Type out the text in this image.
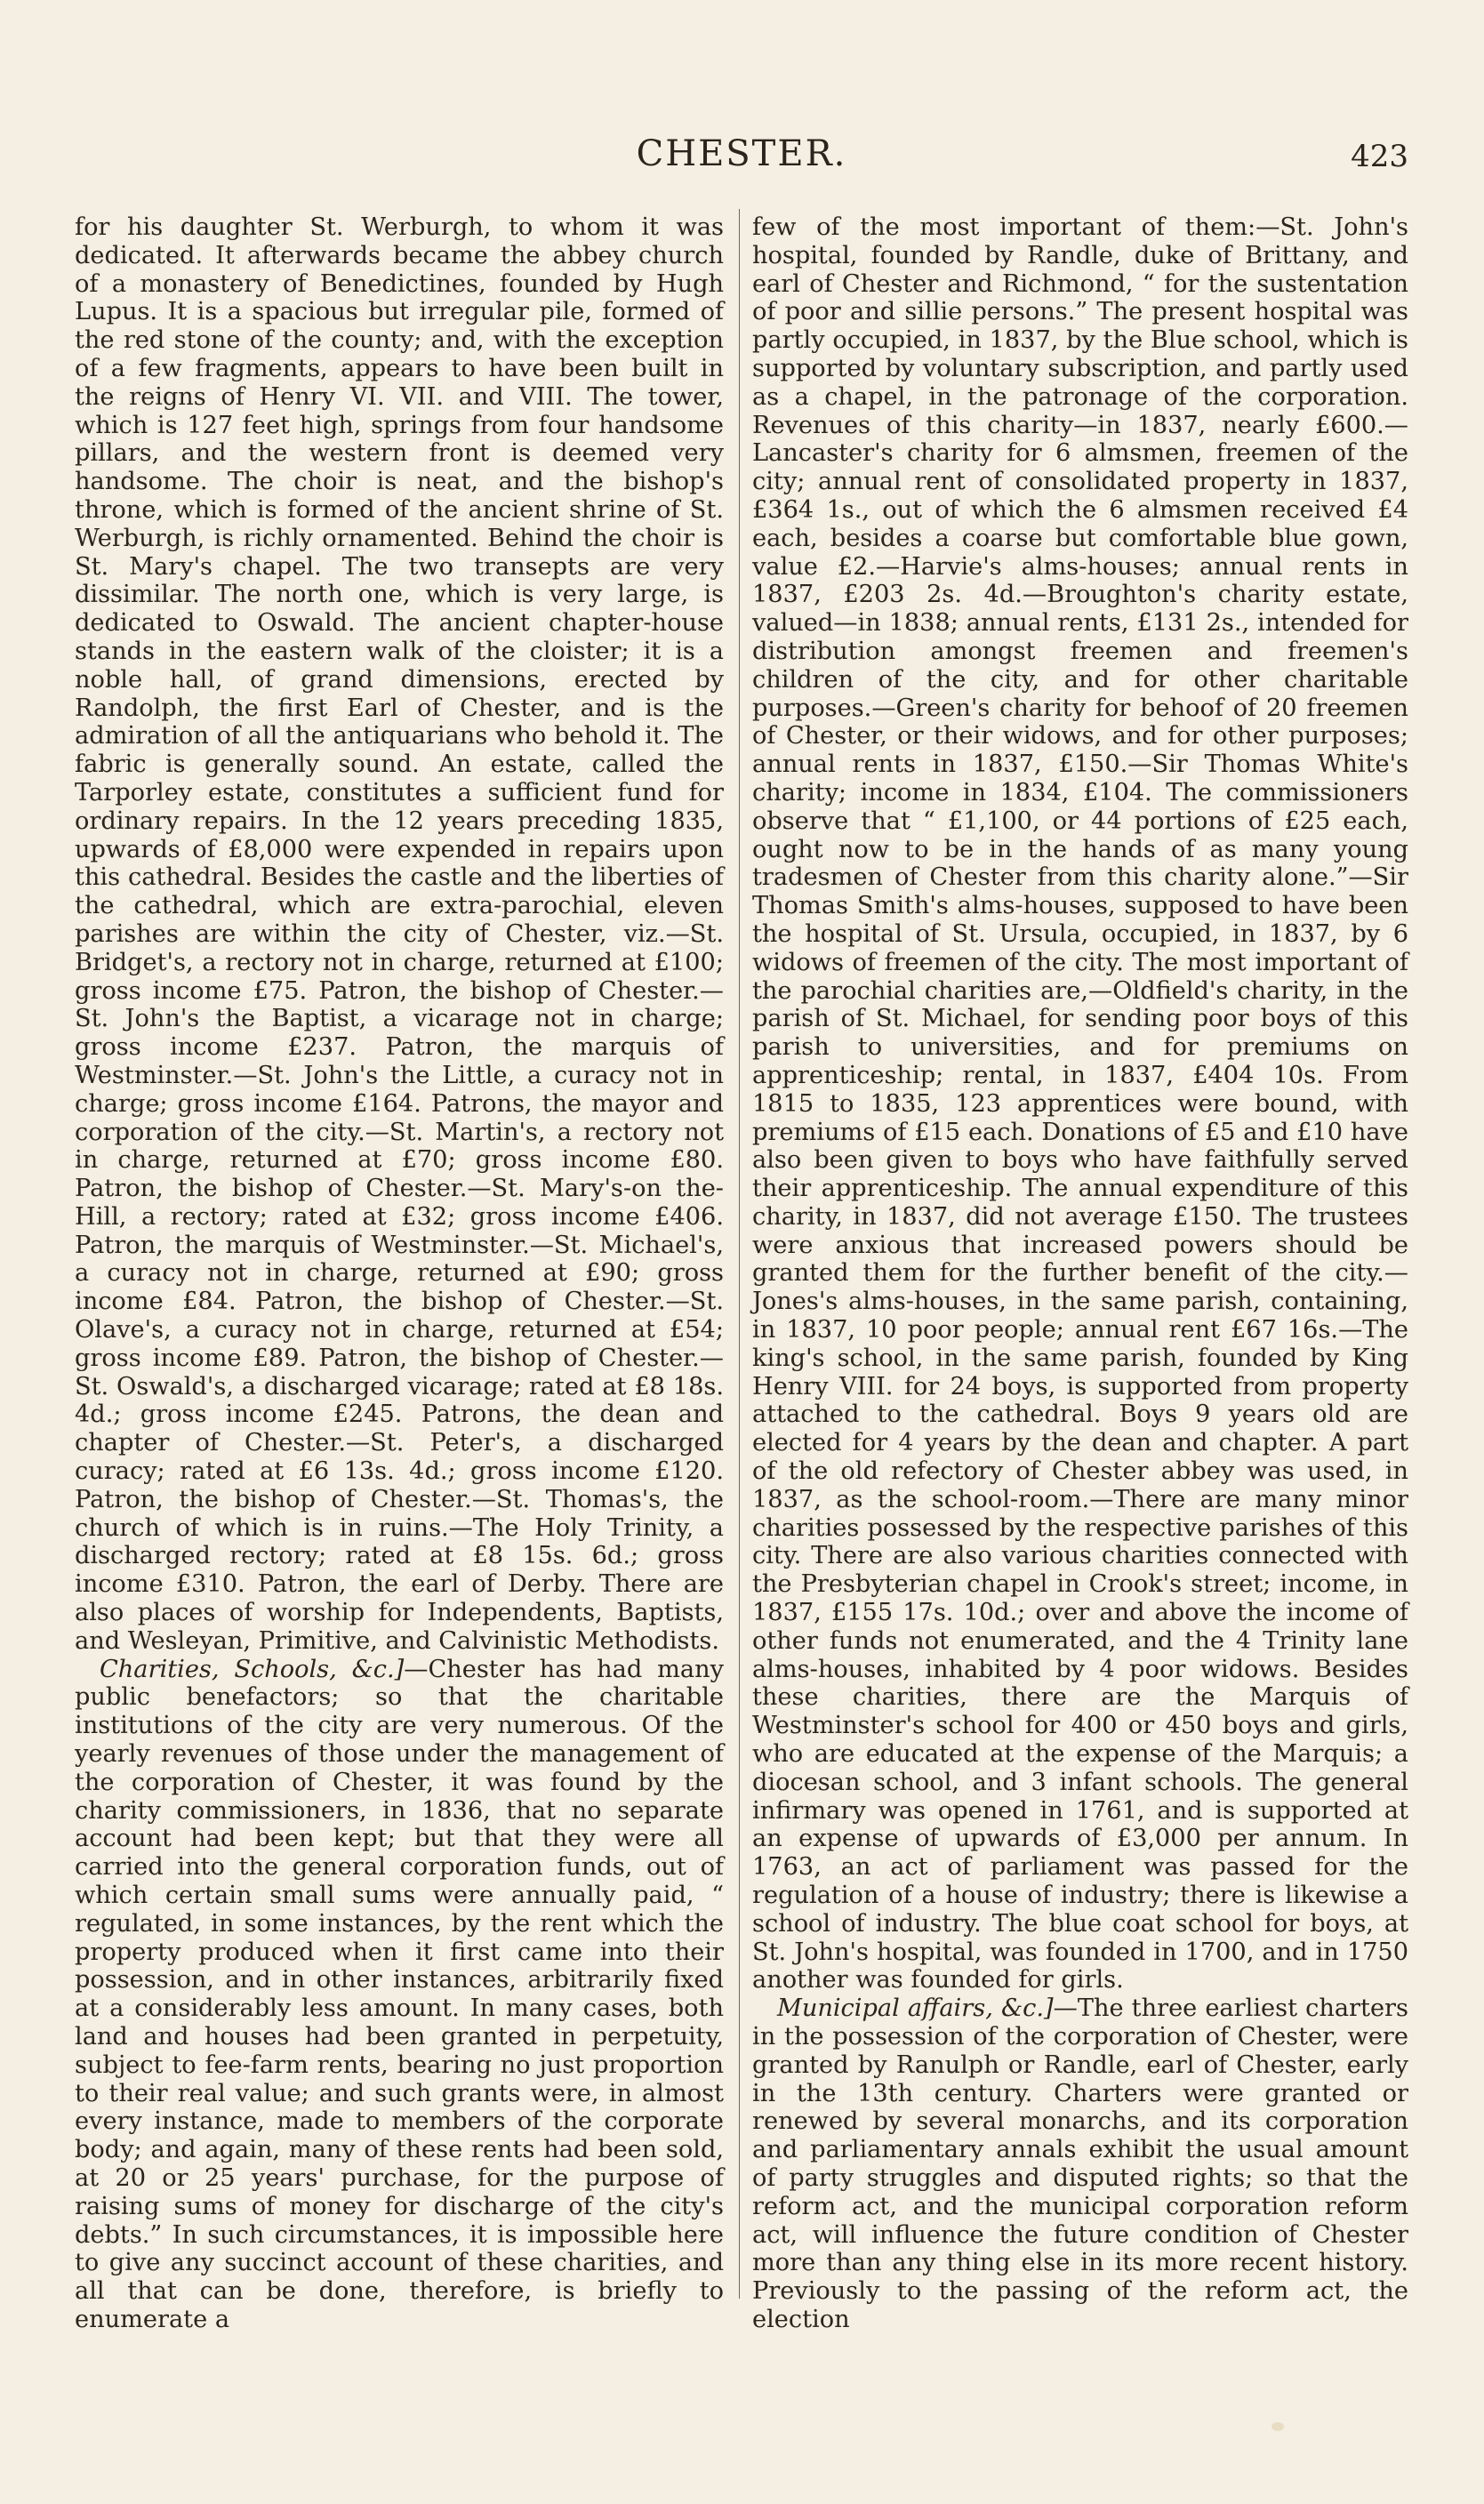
CHESTER.	423

for his daughter St. Werburgh, to whom it was dedicated. It afterwards became the abbey church of a monastery of Benedictines, founded by Hugh Lupus. It is a spacious but irregular pile, formed of the red stone of the county; and, with the exception of a few fragments, appears to have been built in the reigns of Henry VI. VII. and VIII. The tower, which is 127 feet high, springs from four handsome pillars, and the western front is deemed very handsome. The choir is neat, and the bishop's throne, which is formed of the ancient shrine of St. Werburgh, is richly ornamented. Behind the choir is St. Mary's chapel. The two transepts are very dissimilar. The north one, which is very large, is dedicated to Oswald. The ancient chapter-house stands in the eastern walk of the cloister; it is a noble hall, of grand dimensions, erected by Randolph, the first Earl of Chester, and is the admiration of all the antiquarians who behold it. The fabric is generally sound. An estate, called the Tarporley estate, constitutes a sufficient fund for ordinary repairs. In the 12 years preceding 1835, upwards of £8,000 were expended in repairs upon this cathedral. Besides the castle and the liberties of the cathedral, which are extra-parochial, eleven parishes are within the city of Chester, viz.—St. Bridget's, a rectory not in charge, returned at £100; gross income £75. Patron, the bishop of Chester.—St. John's the Baptist, a vicarage not in charge; gross income £237. Patron, the marquis of Westminster.—St. John's the Little, a curacy not in charge; gross income £164. Patrons, the mayor and corporation of the city.—St. Martin's, a rectory not in charge, returned at £70; gross income £80. Patron, the bishop of Chester.—St. Mary's-on the-Hill, a rectory; rated at £32; gross income £406. Patron, the marquis of Westminster.—St. Michael's, a curacy not in charge, returned at £90; gross income £84. Patron, the bishop of Chester.—St. Olave's, a curacy not in charge, returned at £54; gross income £89. Patron, the bishop of Chester.—St. Oswald's, a discharged vicarage; rated at £8 18s. 4d.; gross income £245. Patrons, the dean and chapter of Chester.—St. Peter's, a discharged curacy; rated at £6 13s. 4d.; gross income £120. Patron, the bishop of Chester.—St. Thomas's, the church of which is in ruins.—The Holy Trinity, a discharged rectory; rated at £8 15s. 6d.; gross income £310. Patron, the earl of Derby. There are also places of worship for Independents, Baptists, and Wesleyan, Primitive, and Calvinistic Methodists.

Charities, Schools, &c.]—Chester has had many public benefactors; so that the charitable institutions of the city are very numerous. Of the yearly revenues of those under the management of the corporation of Chester, it was found by the charity commissioners, in 1836, that no separate account had been kept; but that they were all carried into the general corporation funds, out of which certain small sums were annually paid, “ regulated, in some instances, by the rent which the property produced when it first came into their possession, and in other instances, arbitrarily fixed at a considerably less amount. In many cases, both land and houses had been granted in perpetuity, subject to fee-farm rents, bearing no just proportion to their real value; and such grants were, in almost every instance, made to members of the corporate body; and again, many of these rents had been sold, at 20 or 25 years' purchase, for the purpose of raising sums of money for discharge of the city's debts.” In such circumstances, it is impossible here to give any succinct account of these charities, and all that can be done, therefore, is briefly to enumerate a

few of the most important of them:—St. John's hospital, founded by Randle, duke of Brittany, and earl of Chester and Richmond, “ for the sustentation of poor and sillie persons.” The present hospital was partly occupied, in 1837, by the Blue school, which is supported by voluntary subscription, and partly used as a chapel, in the patronage of the corporation. Revenues of this charity—in 1837, nearly £600.—Lancaster's charity for 6 almsmen, freemen of the city; annual rent of consolidated property in 1837, £364 1s., out of which the 6 almsmen received £4 each, besides a coarse but comfortable blue gown, value £2.—Harvie's alms-houses; annual rents in 1837, £203 2s. 4d.—Broughton's charity estate, valued—in 1838; annual rents, £131 2s., intended for distribution amongst freemen and freemen's children of the city, and for other charitable purposes.—Green's charity for behoof of 20 freemen of Chester, or their widows, and for other purposes; annual rents in 1837, £150.—Sir Thomas White's charity; income in 1834, £104. The commissioners observe that “ £1,100, or 44 portions of £25 each, ought now to be in the hands of as many young tradesmen of Chester from this charity alone.”—Sir Thomas Smith's alms-houses, supposed to have been the hospital of St. Ursula, occupied, in 1837, by 6 widows of freemen of the city. The most important of the parochial charities are,—Oldfield's charity, in the parish of St. Michael, for sending poor boys of this parish to universities, and for premiums on apprenticeship; rental, in 1837, £404 10s. From 1815 to 1835, 123 apprentices were bound, with premiums of £15 each. Donations of £5 and £10 have also been given to boys who have faithfully served their apprenticeship. The annual expenditure of this charity, in 1837, did not average £150. The trustees were anxious that increased powers should be granted them for the further benefit of the city.—Jones's alms-houses, in the same parish, containing, in 1837, 10 poor people; annual rent £67 16s.—The king's school, in the same parish, founded by King Henry VIII. for 24 boys, is supported from property attached to the cathedral. Boys 9 years old are elected for 4 years by the dean and chapter. A part of the old refectory of Chester abbey was used, in 1837, as the school-room.—There are many minor charities possessed by the respective parishes of this city. There are also various charities connected with the Presbyterian chapel in Crook's street; income, in 1837, £155 17s. 10d.; over and above the income of other funds not enumerated, and the 4 Trinity lane alms-houses, inhabited by 4 poor widows. Besides these charities, there are the Marquis of Westminster's school for 400 or 450 boys and girls, who are educated at the expense of the Marquis; a diocesan school, and 3 infant schools. The general infirmary was opened in 1761, and is supported at an expense of upwards of £3,000 per annum. In 1763, an act of parliament was passed for the regulation of a house of industry; there is likewise a school of industry. The blue coat school for boys, at St. John's hospital, was founded in 1700, and in 1750 another was founded for girls.

Municipal affairs, &c.]—The three earliest charters in the possession of the corporation of Chester, were granted by Ranulph or Randle, earl of Chester, early in the 13th century. Charters were granted or renewed by several monarchs, and its corporation and parliamentary annals exhibit the usual amount of party struggles and disputed rights; so that the reform act, and the municipal corporation reform act, will influence the future condition of Chester more than any thing else in its more recent history. Previously to the passing of the reform act, the election
